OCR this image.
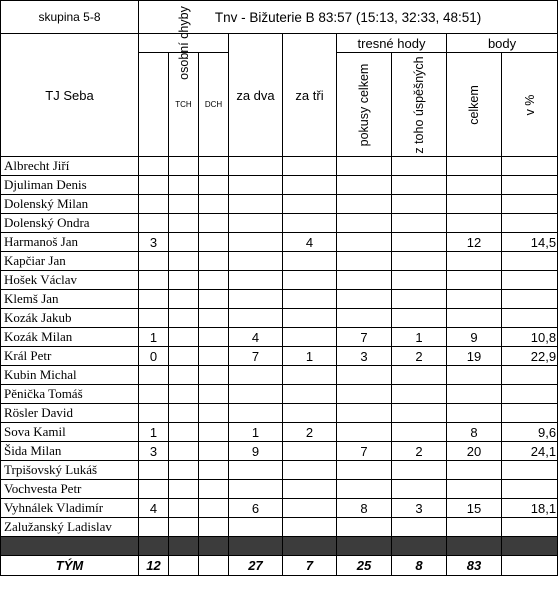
skupina 5-8	Tnv - Bižuterie B 83:57 (15:13, 32:33, 48:51)								
TJ Seba	osobní chyby			za dva	za tři	tresné hody		body	

						pokusy celkem	z toho úspěšných	celkem	v %

		TCH	DCH						
Albrecht Jiří									
Djuliman Denis									
Dolenský Milan									
Dolenský Ondra									
Harmanoš Jan	3				4			12	14,5
Kapčiar Jan									
Hošek Václav									
Klemš Jan									
Kozák Jakub									
Kozák Milan	1			4		7	1	9	10,8
Král Petr	0			7	1	3	2	19	22,9
Kubin Michal									
Pěnička Tomáš									
Rösler David									
Sova Kamil	1			1	2			8	9,6
Šida Milan	3			9		7	2	20	24,1
Trpišovský Lukáš									
Vochvesta Petr									
Vyhnálek Vladimír	4			6		8	3	15	18,1
Zalužanský Ladislav									

TÝM	12			27	7	25	8	83	
